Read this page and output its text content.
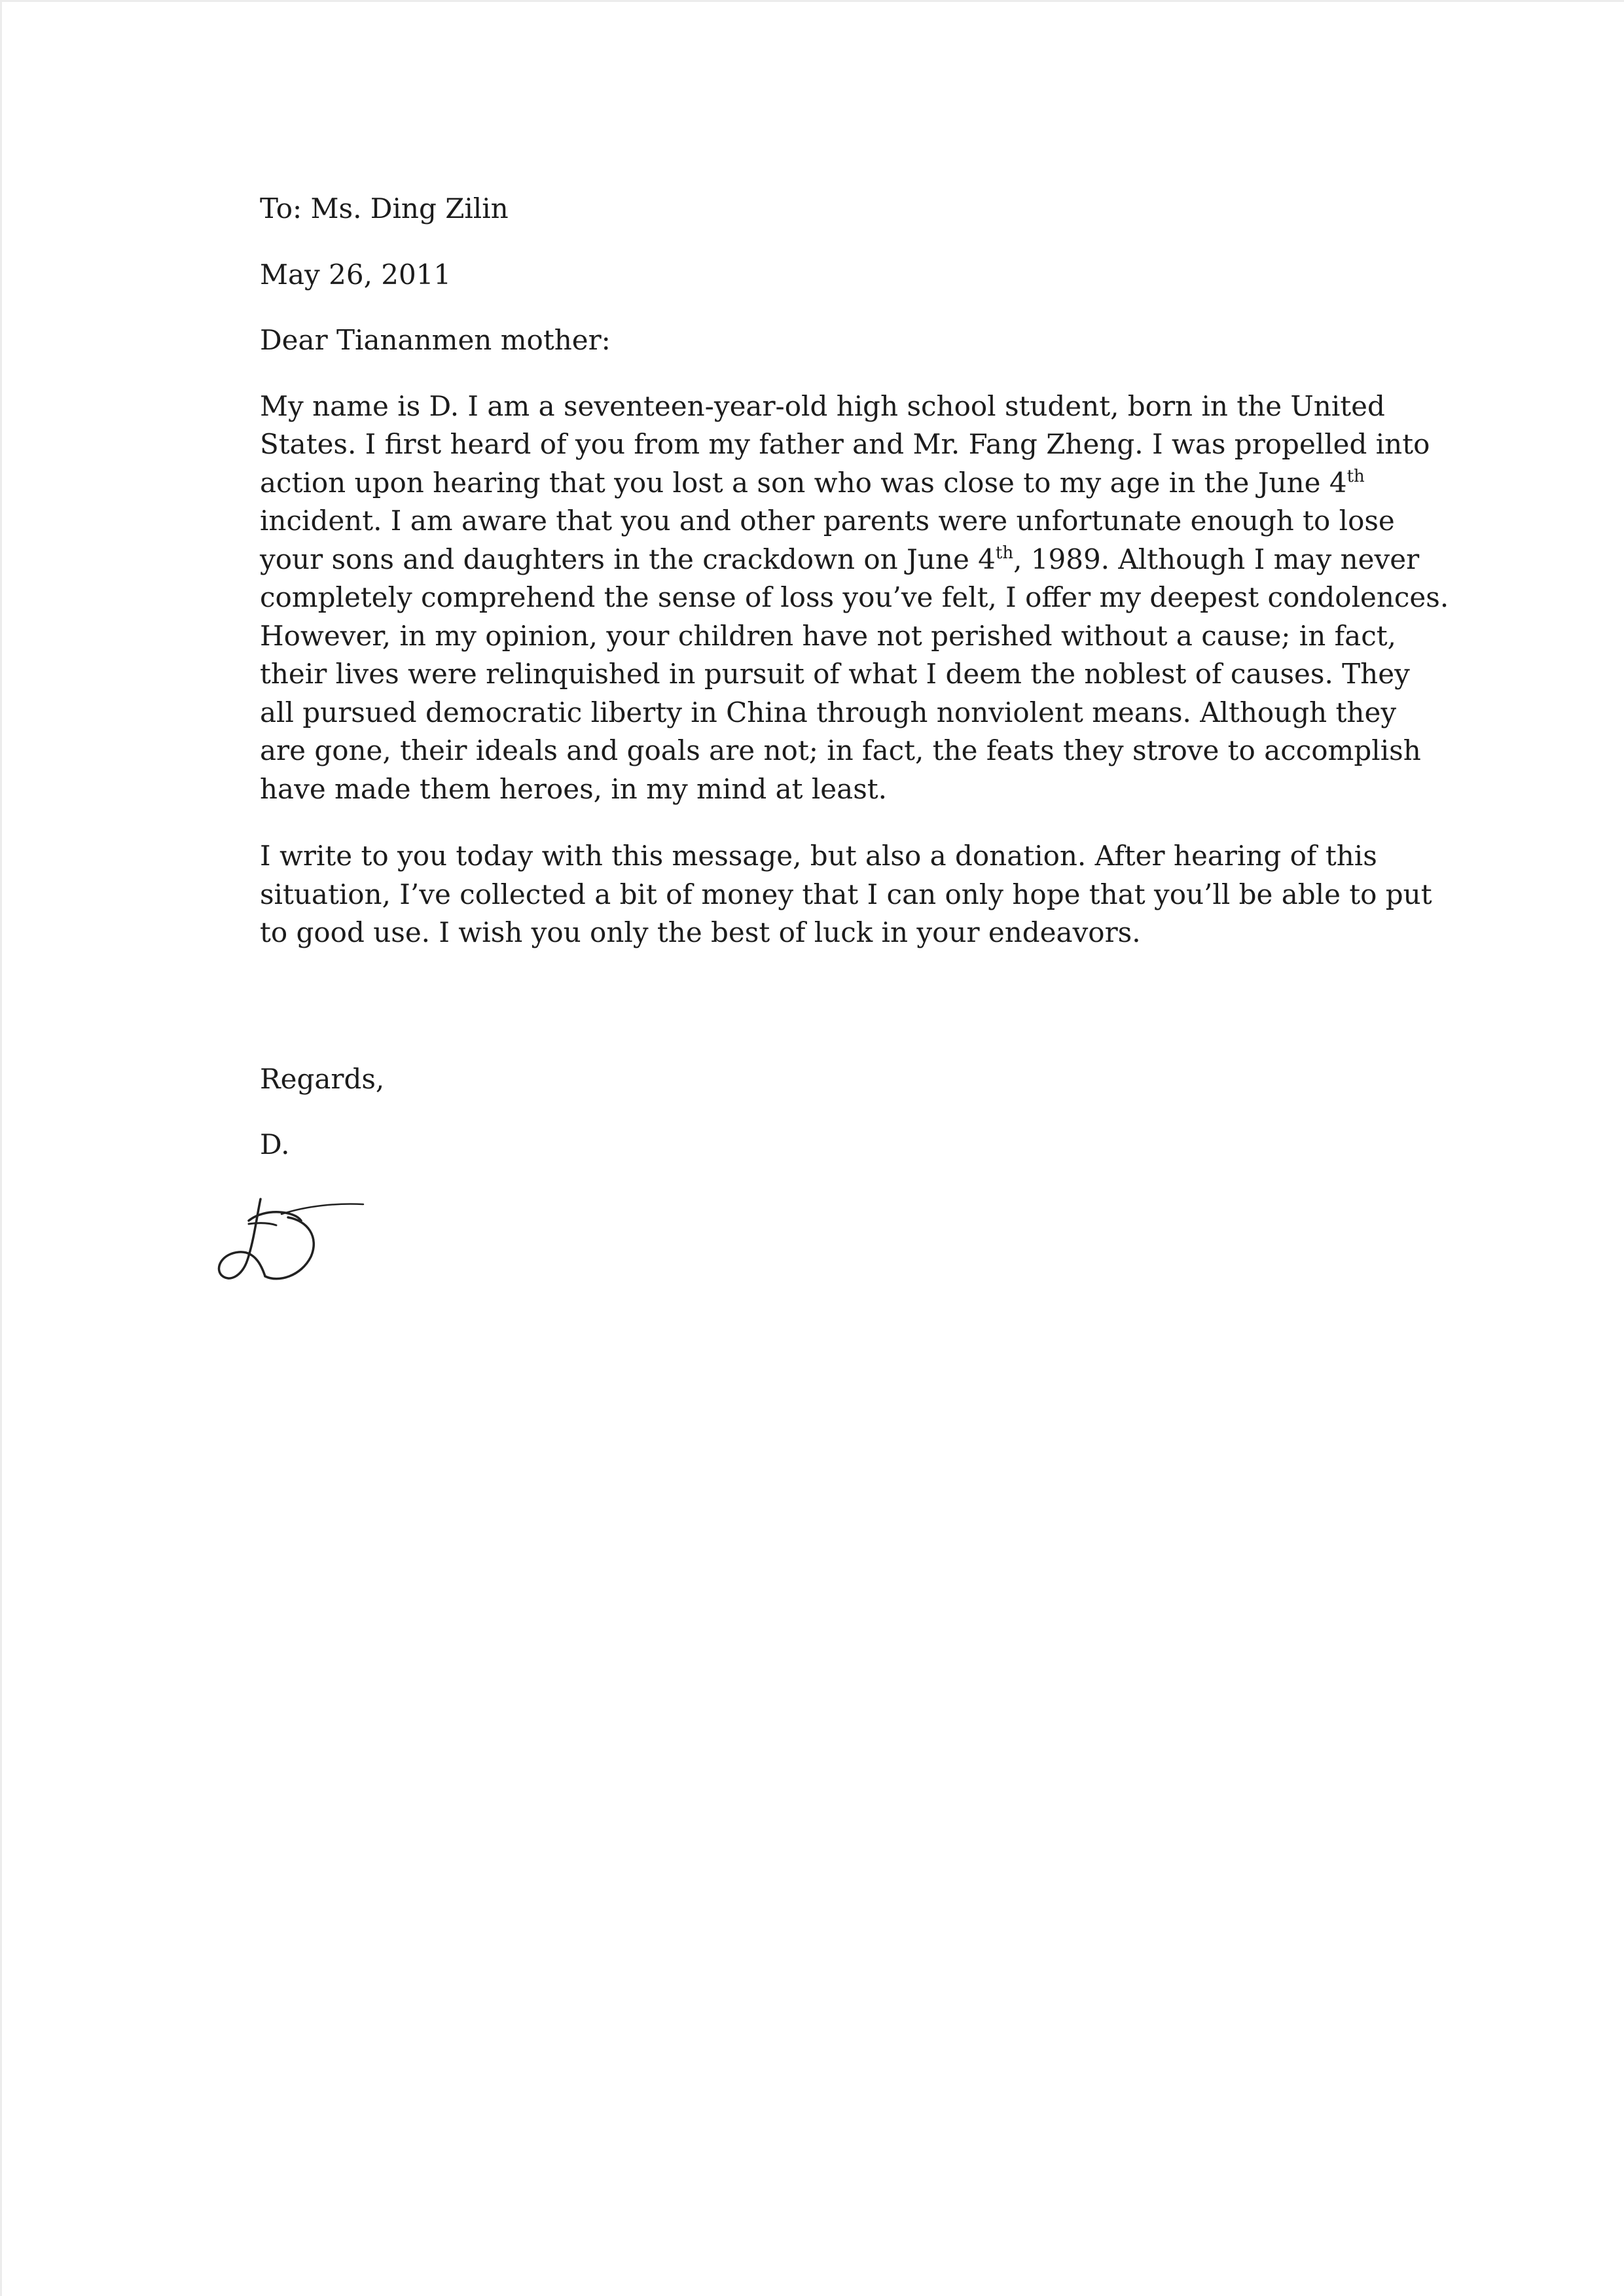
To: Ms. Ding Zilin

May 26, 2011

Dear Tiananmen mother:

My name is D. I am a seventeen-year-old high school student, born in the United
States. I first heard of you from my father and Mr. Fang Zheng. I was propelled into
action upon hearing that you lost a son who was close to my age in the June 4th
incident. I am aware that you and other parents were unfortunate enough to lose
your sons and daughters in the crackdown on June 4th, 1989. Although I may never
completely comprehend the sense of loss you’ve felt, I offer my deepest condolences.
However, in my opinion, your children have not perished without a cause; in fact,
their lives were relinquished in pursuit of what I deem the noblest of causes. They
all pursued democratic liberty in China through nonviolent means. Although they
are gone, their ideals and goals are not; in fact, the feats they strove to accomplish
have made them heroes, in my mind at least.

I write to you today with this message, but also a donation. After hearing of this
situation, I’ve collected a bit of money that I can only hope that you’ll be able to put
to good use. I wish you only the best of luck in your endeavors.

Regards,

D.
